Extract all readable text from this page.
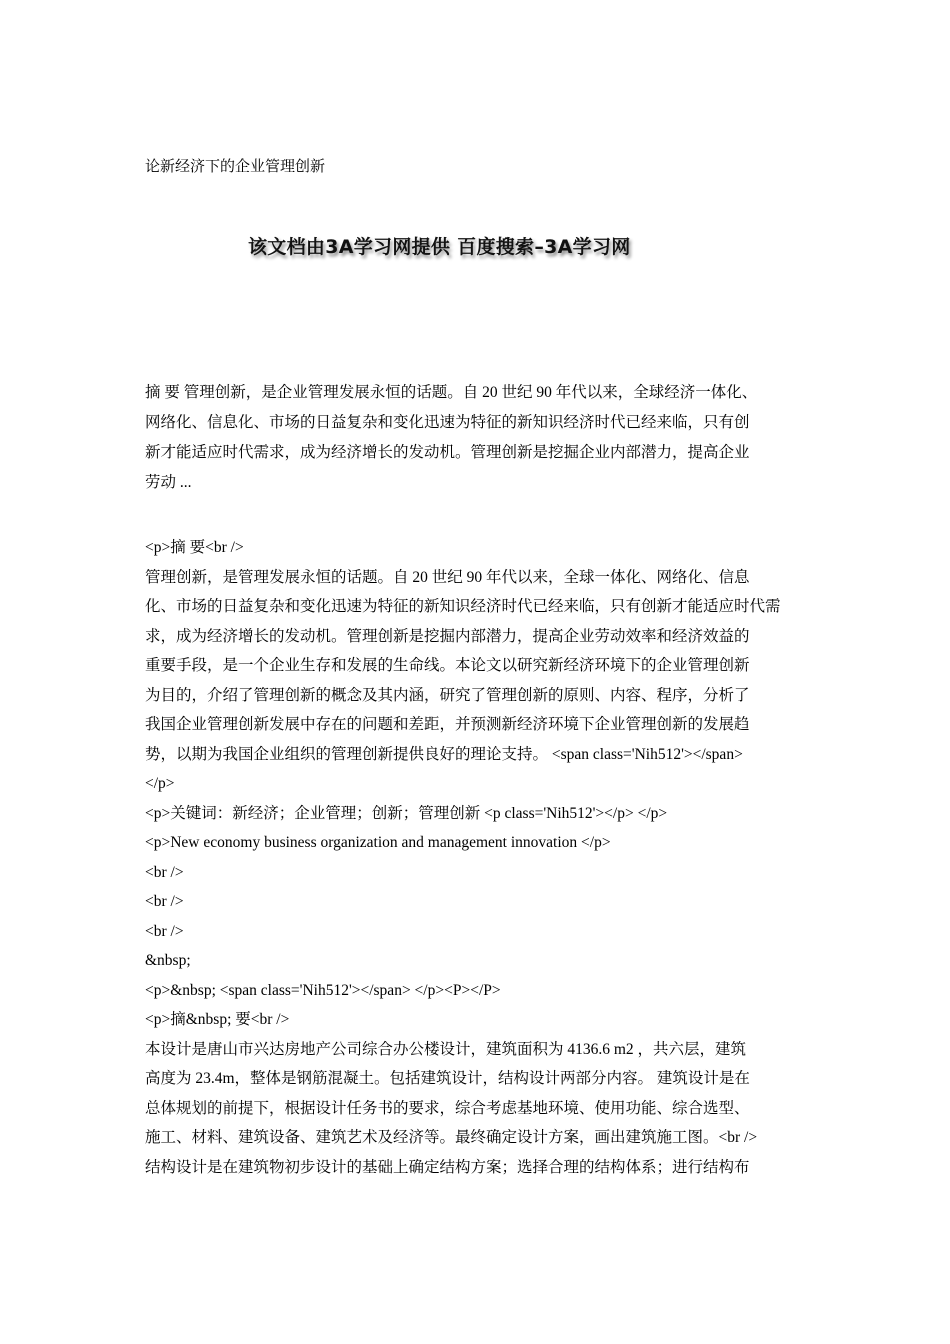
论新经济下的企业管理创新
该文档由3A学习网提供 百度搜索–3A学习网

摘 要 管理创新，是企业管理发展永恒的话题。自 20 世纪 90 年代以来，全球经济一体化、

网络化、信息化、市场的日益复杂和变化迅速为特征的新知识经济时代已经来临，只有创

新才能适应时代需求，成为经济增长的发动机。管理创新是挖掘企业内部潜力，提高企业

劳动 ...

<p>摘 要<br />

管理创新，是管理发展永恒的话题。自 20 世纪 90 年代以来，全球一体化、网络化、信息

化、市场的日益复杂和变化迅速为特征的新知识经济时代已经来临，只有创新才能适应时代需

求，成为经济增长的发动机。管理创新是挖掘内部潜力，提高企业劳动效率和经济效益的

重要手段，是一个企业生存和发展的生命线。本论文以研究新经济环境下的企业管理创新

为目的，介绍了管理创新的概念及其内涵，研究了管理创新的原则、内容、程序，分析了

我国企业管理创新发展中存在的问题和差距，并预测新经济环境下企业管理创新的发展趋

势，以期为我国企业组织的管理创新提供良好的理论支持。 <span class='Nih512'></span>

</p>

<p>关键词：新经济；企业管理；创新；管理创新 <p class='Nih512'></p> </p>

<p>New economy business organization and management innovation </p>

<br />

<br />

<br />

&nbsp;

<p>&nbsp; <span class='Nih512'></span> </p><P></P>

<p>摘&nbsp; 要<br />

本设计是唐山市兴达房地产公司综合办公楼设计，建筑面积为 4136.6 m2 ，共六层，建筑

高度为 23.4m，整体是钢筋混凝土。包括建筑设计，结构设计两部分内容。 建筑设计是在

总体规划的前提下，根据设计任务书的要求，综合考虑基地环境、使用功能、综合选型、

施工、材料、建筑设备、建筑艺术及经济等。最终确定设计方案，画出建筑施工图。<br />

结构设计是在建筑物初步设计的基础上确定结构方案；选择合理的结构体系；进行结构布
